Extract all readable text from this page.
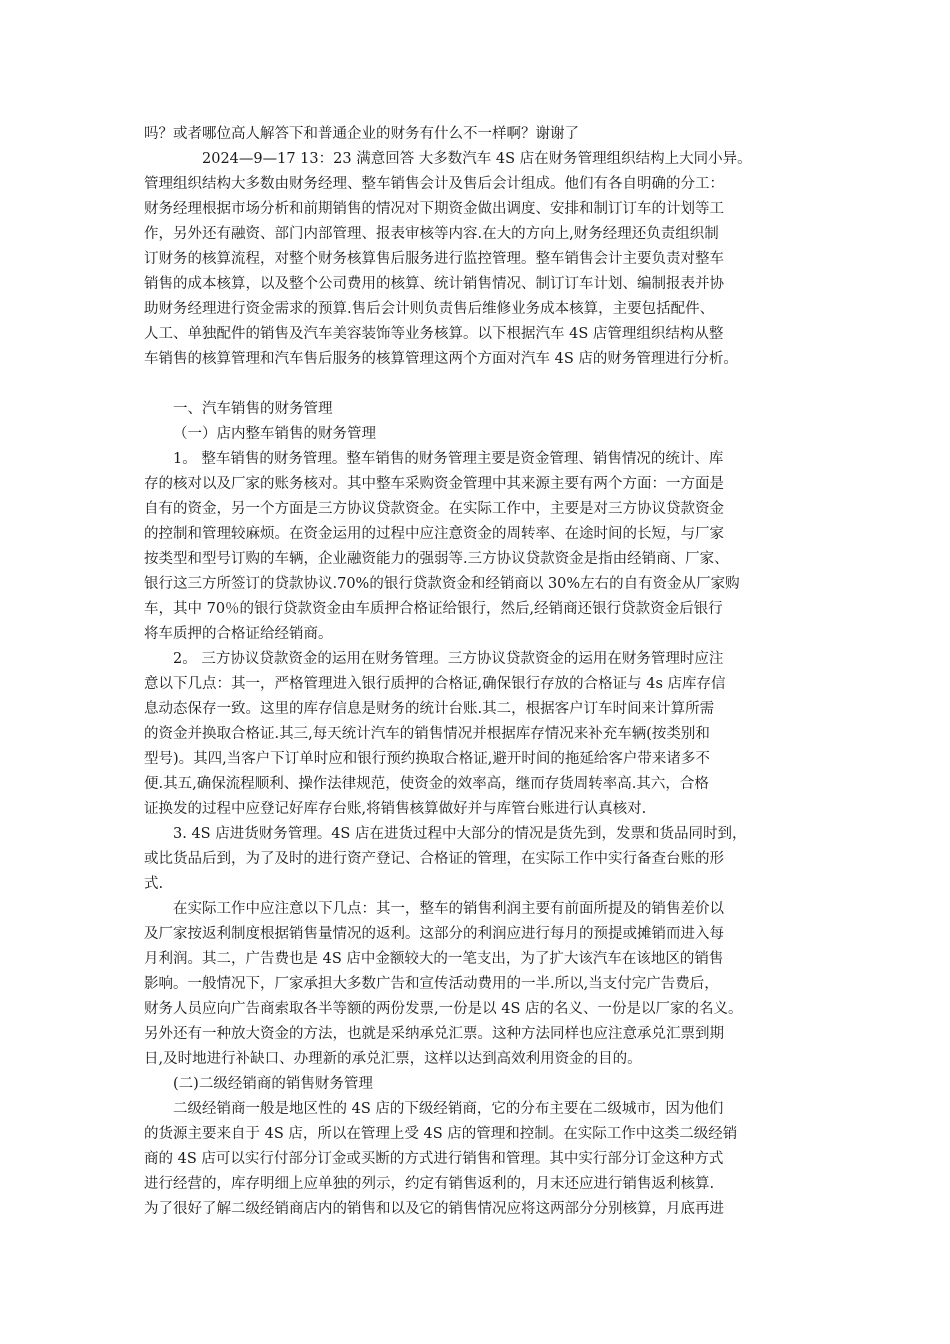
吗？或者哪位高人解答下和普通企业的财务有什么不一样啊？谢谢了
2024—9—17 13：23 满意回答 大多数汽车 4S 店在财务管理组织结构上大同小异。
管理组织结构大多数由财务经理、整车销售会计及售后会计组成。他们有各自明确的分工：
财务经理根据市场分析和前期销售的情况对下期资金做出调度、安排和制订订车的计划等工
作，另外还有融资、部门内部管理、报表审核等内容.在大的方向上,财务经理还负责组织制
订财务的核算流程，对整个财务核算售后服务进行监控管理。整车销售会计主要负责对整车
销售的成本核算，以及整个公司费用的核算、统计销售情况、制订订车计划、编制报表并协
助财务经理进行资金需求的预算.售后会计则负责售后维修业务成本核算，主要包括配件、
人工、单独配件的销售及汽车美容装饰等业务核算。以下根据汽车 4S 店管理组织结构从整
车销售的核算管理和汽车售后服务的核算管理这两个方面对汽车 4S 店的财务管理进行分析。
一、汽车销售的财务管理
（一）店内整车销售的财务管理
1。 整车销售的财务管理。整车销售的财务管理主要是资金管理、销售情况的统计、库
存的核对以及厂家的账务核对。其中整车采购资金管理中其来源主要有两个方面：一方面是
自有的资金，另一个方面是三方协议贷款资金。在实际工作中，主要是对三方协议贷款资金
的控制和管理较麻烦。在资金运用的过程中应注意资金的周转率、在途时间的长短，与厂家
按类型和型号订购的车辆，企业融资能力的强弱等.三方协议贷款资金是指由经销商、厂家、
银行这三方所签订的贷款协议.70%的银行贷款资金和经销商以 30%左右的自有资金从厂家购
车，其中 70％的银行贷款资金由车质押合格证给银行，然后,经销商还银行贷款资金后银行
将车质押的合格证给经销商。
2。 三方协议贷款资金的运用在财务管理。三方协议贷款资金的运用在财务管理时应注
意以下几点：其一，严格管理进入银行质押的合格证,确保银行存放的合格证与 4s 店库存信
息动态保存一致。这里的库存信息是财务的统计台账.其二，根据客户订车时间来计算所需
的资金并换取合格证.其三,每天统计汽车的销售情况并根据库存情况来补充车辆(按类别和
型号)。其四,当客户下订单时应和银行预约换取合格证,避开时间的拖延给客户带来诸多不
便.其五,确保流程顺利、操作法律规范，使资金的效率高，继而存货周转率高.其六，合格
证换发的过程中应登记好库存台账,将销售核算做好并与库管台账进行认真核对.
3. 4S 店进货财务管理。4S 店在进货过程中大部分的情况是货先到，发票和货品同时到，
或比货品后到，为了及时的进行资产登记、合格证的管理，在实际工作中实行备查台账的形
式.
在实际工作中应注意以下几点：其一，整车的销售利润主要有前面所提及的销售差价以
及厂家按返利制度根据销售量情况的返利。这部分的利润应进行每月的预提或摊销而进入每
月利润。其二，广告费也是 4S 店中金额较大的一笔支出，为了扩大该汽车在该地区的销售
影响。一般情况下，厂家承担大多数广告和宣传活动费用的一半.所以,当支付完广告费后，
财务人员应向广告商索取各半等额的两份发票,一份是以 4S 店的名义、一份是以厂家的名义。
另外还有一种放大资金的方法，也就是采纳承兑汇票。这种方法同样也应注意承兑汇票到期
日,及时地进行补缺口、办理新的承兑汇票，这样以达到高效利用资金的目的。
(二)二级经销商的销售财务管理
二级经销商一般是地区性的 4S 店的下级经销商，它的分布主要在二级城市，因为他们
的货源主要来自于 4S 店，所以在管理上受 4S 店的管理和控制。在实际工作中这类二级经销
商的 4S 店可以实行付部分订金或买断的方式进行销售和管理。其中实行部分订金这种方式
进行经营的，库存明细上应单独的列示，约定有销售返利的，月末还应进行销售返利核算.
为了很好了解二级经销商店内的销售和以及它的销售情况应将这两部分分别核算，月底再进
